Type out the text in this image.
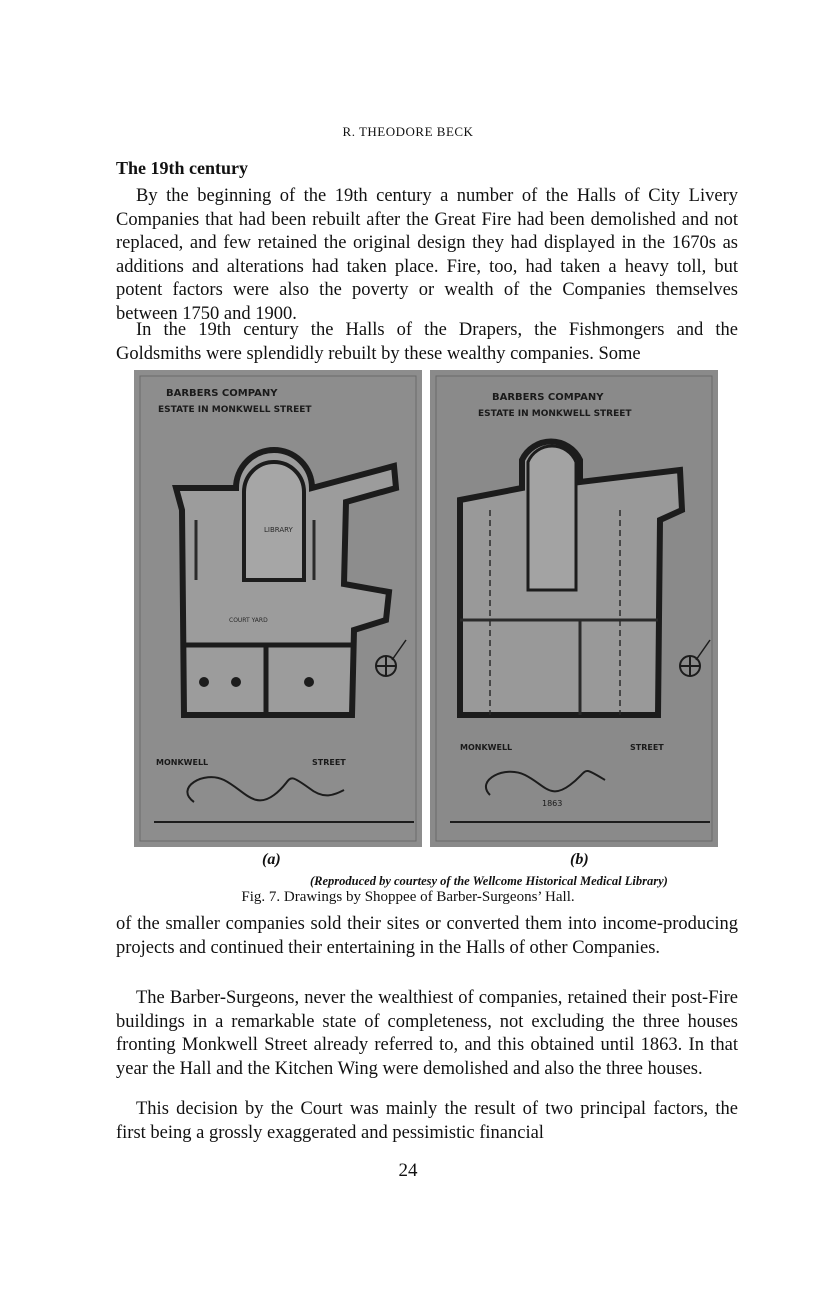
R. THEODORE BECK
The 19th century

By the beginning of the 19th century a number of the Halls of City Livery Companies that had been rebuilt after the Great Fire had been demolished and not replaced, and few retained the original design they had displayed in the 1670s as additions and alterations had taken place. Fire, too, had taken a heavy toll, but potent factors were also the poverty or wealth of the Companies themselves between 1750 and 1900.

In the 19th century the Halls of the Drapers, the Fishmongers and the Goldsmiths were splendidly rebuilt by these wealthy companies. Some

BARBERS COMPANY
ESTATE IN MONKWELL STREET
LIBRARY
COURT YARD
MONKWELL	STREET
BARBERS COMPANY
ESTATE IN MONKWELL STREET
MONKWELL	STREET
1863
(a)	(b)
(Reproduced by courtesy of the Wellcome Historical Medical Library)
Fig. 7. Drawings by Shoppee of Barber-Surgeons’ Hall.

of the smaller companies sold their sites or converted them into income-producing projects and continued their entertaining in the Halls of other Companies.

The Barber-Surgeons, never the wealthiest of companies, retained their post-Fire buildings in a remarkable state of completeness, not excluding the three houses fronting Monkwell Street already referred to, and this obtained until 1863. In that year the Hall and the Kitchen Wing were demolished and also the three houses.

This decision by the Court was mainly the result of two principal factors, the first being a grossly exaggerated and pessimistic financial

24
